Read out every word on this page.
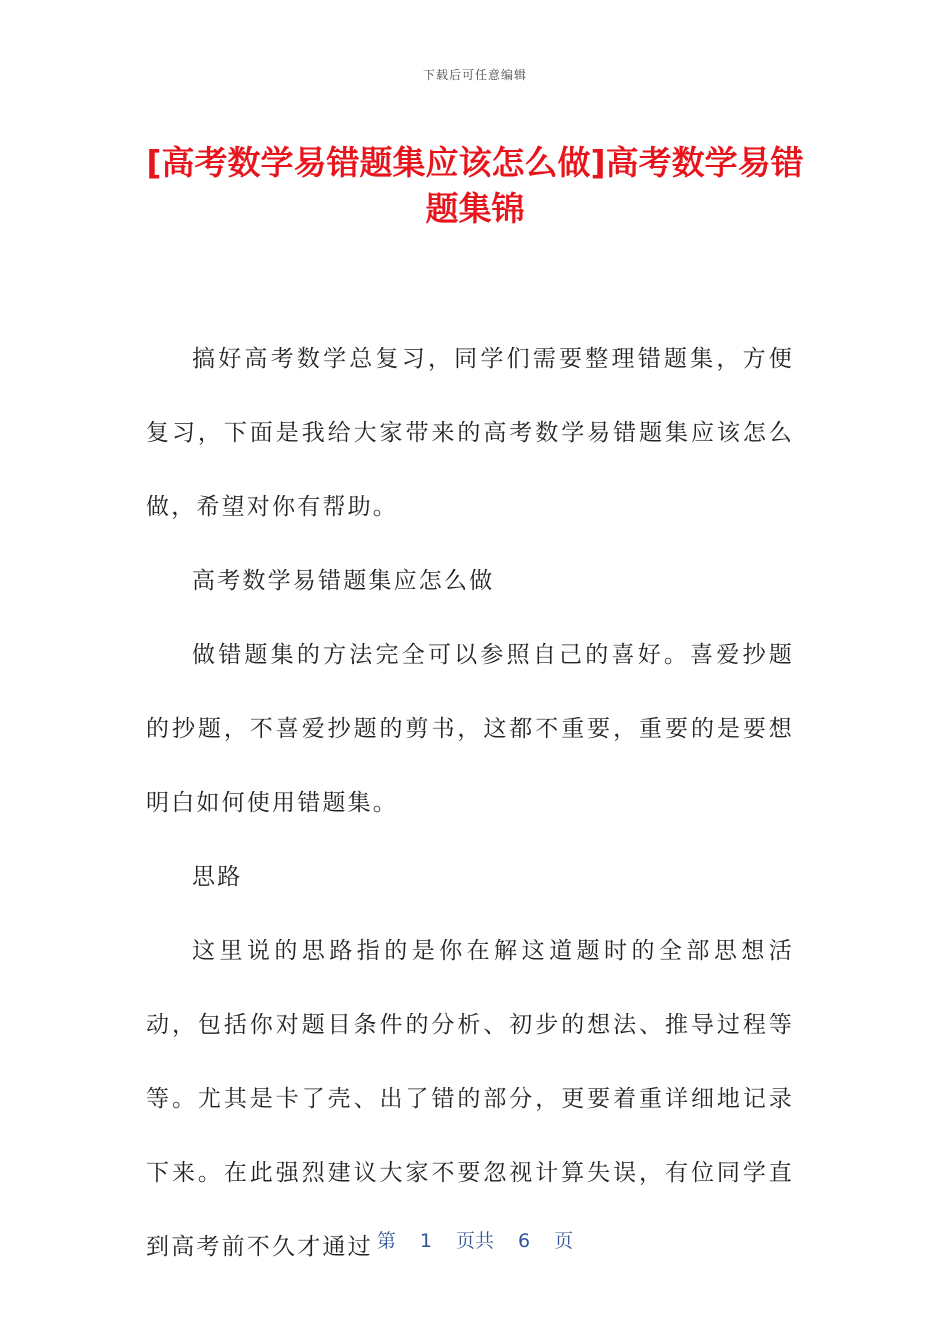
下载后可任意编辑
[高考数学易错题集应该怎么做]高考数学易错题集锦

搞好高考数学总复习，同学们需要整理错题集，方便复习，下面是我给大家带来的高考数学易错题集应该怎么做，希望对你有帮助。

高考数学易错题集应怎么做

做错题集的方法完全可以参照自己的喜好。喜爱抄题的抄题，不喜爱抄题的剪书，这都不重要，重要的是要想明白如何使用错题集。

思路

这里说的思路指的是你在解这道题时的全部思想活动，包括你对题目条件的分析、初步的想法、推导过程等等。尤其是卡了壳、出了错的部分，更要着重详细地记录下来。在此强烈建议大家不要忽视计算失误，有位同学直到高考前不久才通过 第 1 页共 6 页
